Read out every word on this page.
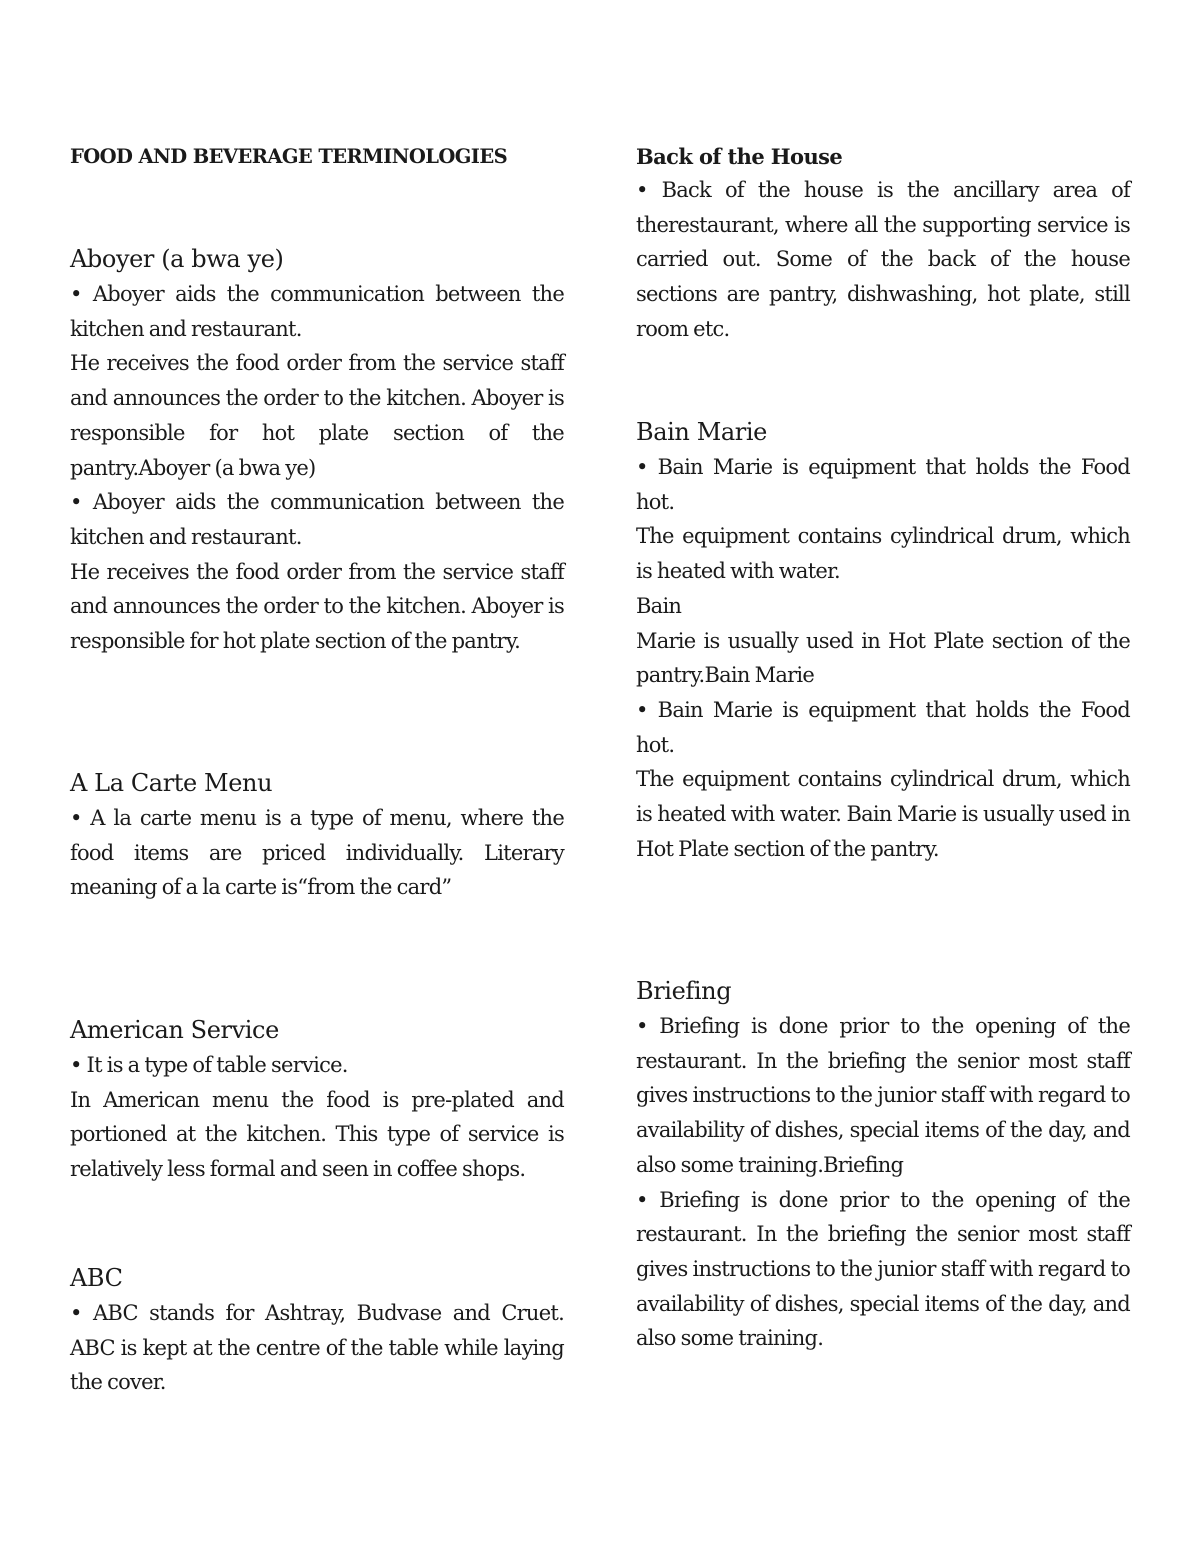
FOOD AND BEVERAGE TERMINOLOGIES
Aboyer (a bwa ye)

• Aboyer aids the communication between the kitchen and restaurant.

He receives the food order from the service staff and announces the order to the kitchen. Aboyer is responsible for hot plate section of the pantry.Aboyer (a bwa ye)

• Aboyer aids the communication between the kitchen and restaurant.

He receives the food order from the service staff and announces the order to the kitchen. Aboyer is responsible for hot plate section of the pantry.

A La Carte Menu

• A la carte menu is a type of menu, where the food items are priced individually. Literary meaning of a la carte is“from the card”

American Service

• It is a type of table service.

In American menu the food is pre-plated and portioned at the kitchen. This type of service is relatively less formal and seen in coffee shops.

ABC

• ABC stands for Ashtray, Budvase and Cruet. ABC is kept at the centre of the table while laying the cover.

Back of the House

• Back of the house is the ancillary area of therestaurant, where all the supporting service is carried out. Some of the back of the house sections are pantry, dishwashing, hot plate, still room etc.

Bain Marie

• Bain Marie is equipment that holds the Food hot.

The equipment contains cylindrical drum, which is heated with water.

Bain

Marie is usually used in Hot Plate section of the pantry.Bain Marie

• Bain Marie is equipment that holds the Food hot.

The equipment contains cylindrical drum, which is heated with water. Bain Marie is usually used in Hot Plate section of the pantry.

Briefing

• Briefing is done prior to the opening of the restaurant. In the briefing the senior most staff gives instructions to the junior staff with regard to availability of dishes, special items of the day, and also some training.Briefing

• Briefing is done prior to the opening of the restaurant. In the briefing the senior most staff gives instructions to the junior staff with regard to availability of dishes, special items of the day, and also some training.
